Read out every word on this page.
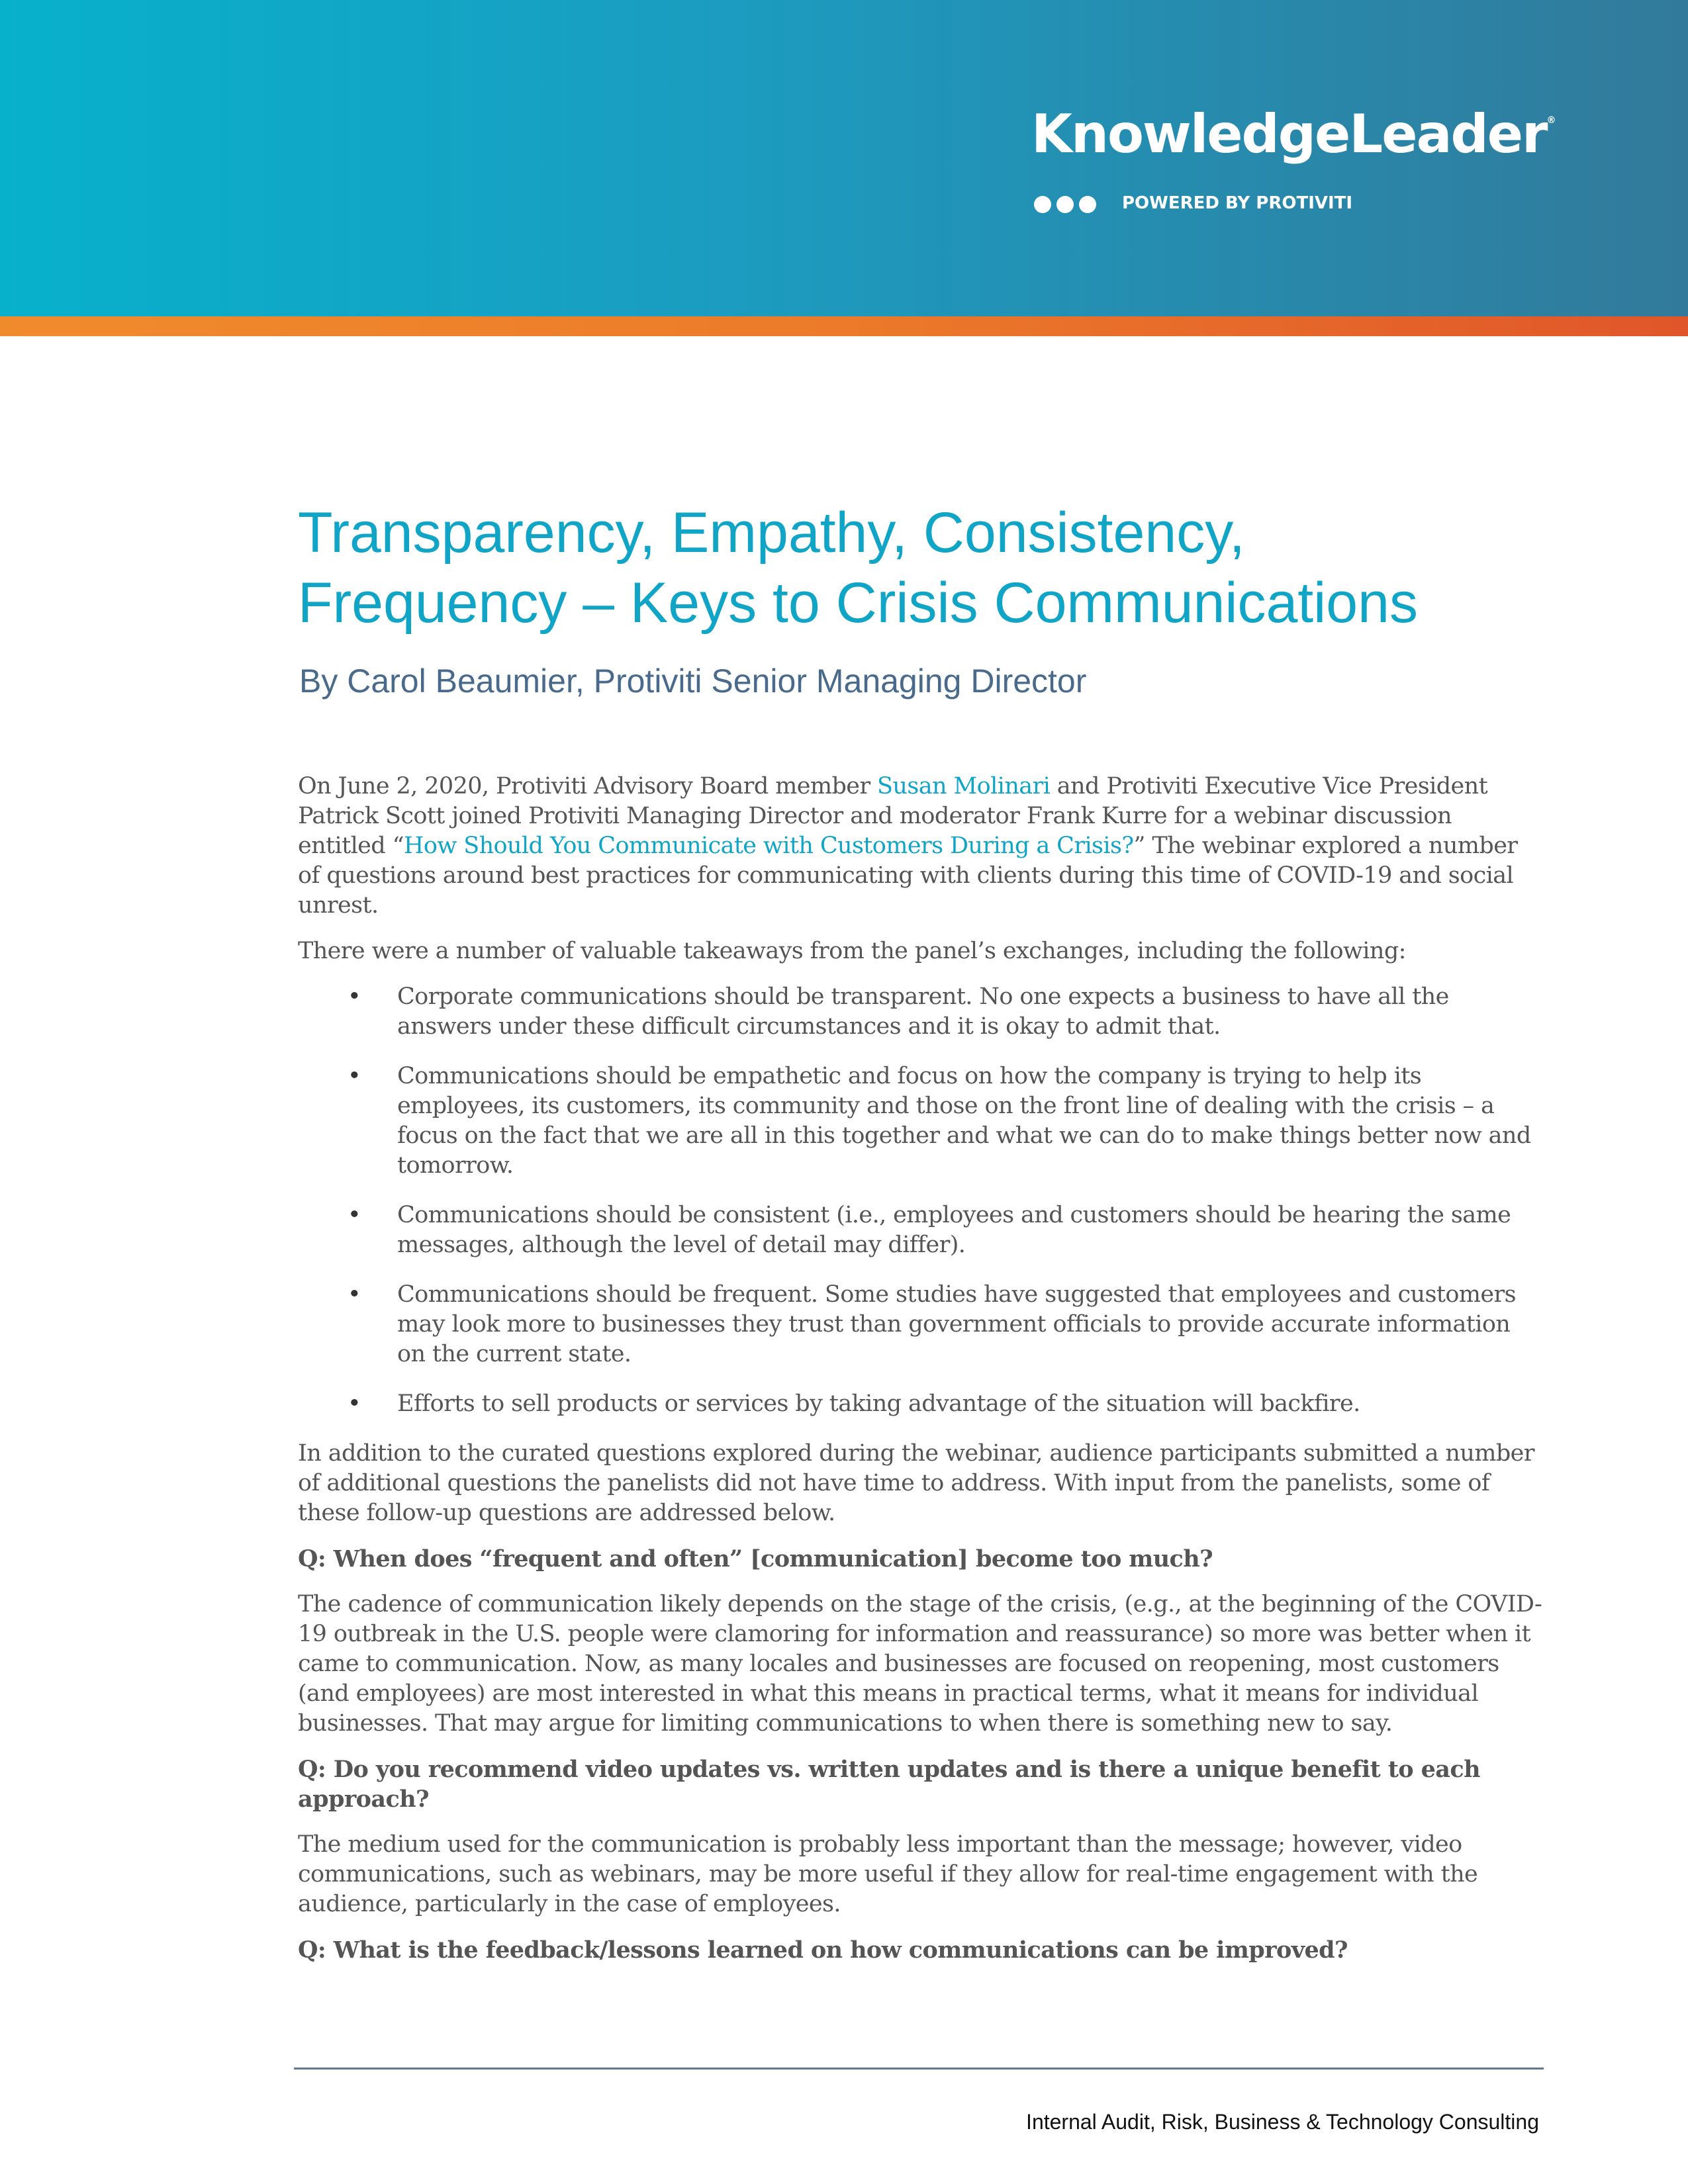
KnowledgeLeader®

POWERED BY PROTIVITI

Transparency, Empathy, Consistency,
Frequency – Keys to Crisis Communications

By Carol Beaumier, Protiviti Senior Managing Director

On June 2, 2020, Protiviti Advisory Board member Susan Molinari and Protiviti Executive Vice President Patrick Scott joined Protiviti Managing Director and moderator Frank Kurre for a webinar discussion entitled “How Should You Communicate with Customers During a Crisis?” The webinar explored a number of questions around best practices for communicating with clients during this time of COVID-19 and social unrest.

There were a number of valuable takeaways from the panel’s exchanges, including the following:

• Corporate communications should be transparent. No one expects a business to have all the answers under these difficult circumstances and it is okay to admit that.
• Communications should be empathetic and focus on how the company is trying to help its employees, its customers, its community and those on the front line of dealing with the crisis – a focus on the fact that we are all in this together and what we can do to make things better now and tomorrow.
• Communications should be consistent (i.e., employees and customers should be hearing the same messages, although the level of detail may differ).
• Communications should be frequent. Some studies have suggested that employees and customers may look more to businesses they trust than government officials to provide accurate information on the current state.
• Efforts to sell products or services by taking advantage of the situation will backfire.

In addition to the curated questions explored during the webinar, audience participants submitted a number of additional questions the panelists did not have time to address. With input from the panelists, some of these follow-up questions are addressed below.

Q: When does “frequent and often” [communication] become too much?

The cadence of communication likely depends on the stage of the crisis, (e.g., at the beginning of the COVID-19 outbreak in the U.S. people were clamoring for information and reassurance) so more was better when it came to communication. Now, as many locales and businesses are focused on reopening, most customers (and employees) are most interested in what this means in practical terms, what it means for individual businesses. That may argue for limiting communications to when there is something new to say.

Q: Do you recommend video updates vs. written updates and is there a unique benefit to each approach?

The medium used for the communication is probably less important than the message; however, video communications, such as webinars, may be more useful if they allow for real-time engagement with the audience, particularly in the case of employees.

Q: What is the feedback/lessons learned on how communications can be improved?

Internal Audit, Risk, Business & Technology Consulting
